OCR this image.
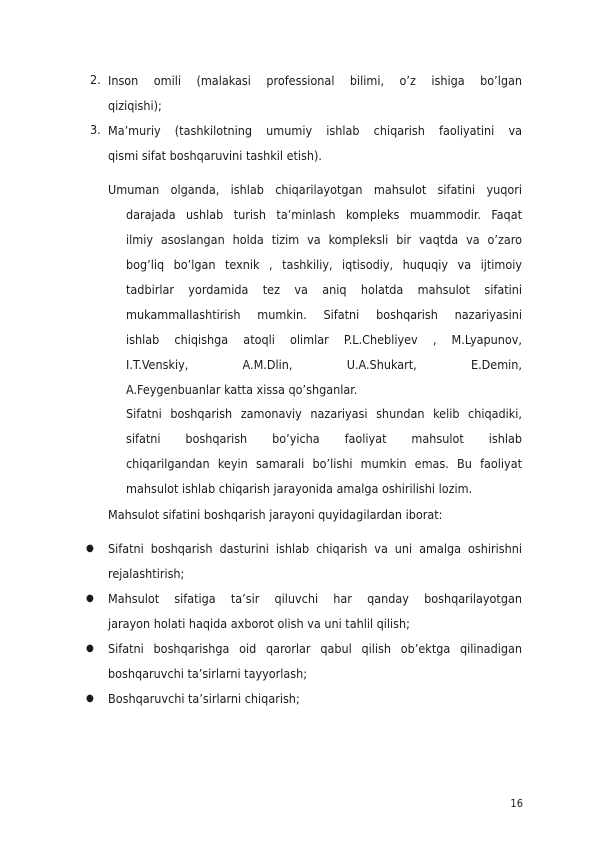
2. Inson omili (malakasi professional bilimi, o’z ishiga bo’lgan
qiziqishi);
3. Ma’muriy (tashkilotning umumiy ishlab chiqarish faoliyatini va
qismi sifat boshqaruvini tashkil etish).
Umuman olganda, ishlab chiqarilayotgan mahsulot sifatini yuqori
darajada ushlab turish ta’minlash kompleks muammodir. Faqat
ilmiy asoslangan holda tizim va kompleksli bir vaqtda va o’zaro
bog’liq bo’lgan texnik , tashkiliy, iqtisodiy, huquqiy va ijtimoiy
tadbirlar yordamida tez va aniq holatda mahsulot sifatini
mukammallashtirish mumkin. Sifatni boshqarish nazariyasini
ishlab chiqishga atoqli olimlar P.L.Chebliyev , M.Lyapunov,
I.T.Venskiy, A.M.Dlin, U.A.Shukart, E.Demin,
A.Feygenbuanlar katta xissa qo’shganlar.
Sifatni boshqarish zamonaviy nazariyasi shundan kelib chiqadiki,
sifatni boshqarish bo’yicha faoliyat mahsulot ishlab
chiqarilgandan keyin samarali bo’lishi mumkin emas. Bu faoliyat
mahsulot ishlab chiqarish jarayonida amalga oshirilishi lozim.
Mahsulot sifatini boshqarish jarayoni quyidagilardan iborat:
● Sifatni boshqarish dasturini ishlab chiqarish va uni amalga oshirishni
rejalashtirish;
● Mahsulot sifatiga ta’sir qiluvchi har qanday boshqarilayotgan
jarayon holati haqida axborot olish va uni tahlil qilish;
● Sifatni boshqarishga oid qarorlar qabul qilish ob’ektga qilinadigan
boshqaruvchi ta’sirlarni tayyorlash;
● Boshqaruvchi ta’sirlarni chiqarish;
16
